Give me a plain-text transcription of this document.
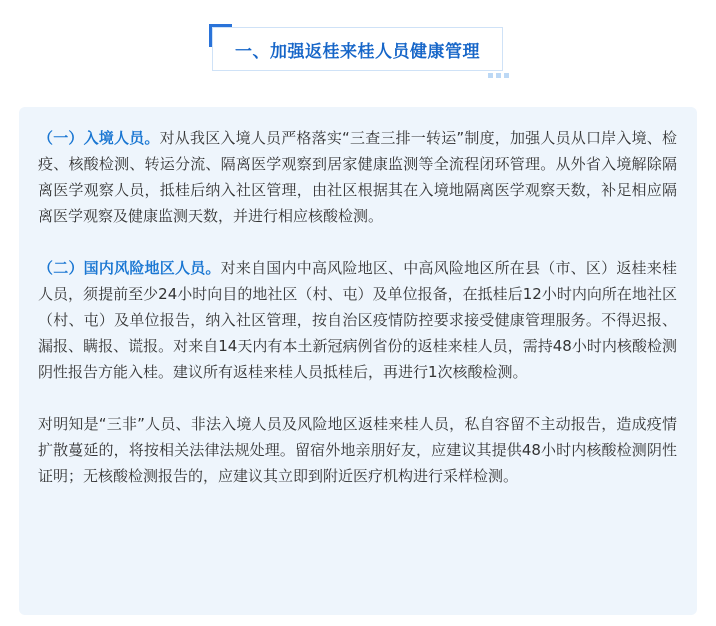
一、加强返桂来桂人员健康管理

（一）入境人员。对从我区入境人员严格落实“三查三排一转运”制度，加强人员从口岸入境、检疫、核酸检测、转运分流、隔离医学观察到居家健康监测等全流程闭环管理。从外省入境解除隔离医学观察人员，抵桂后纳入社区管理，由社区根据其在入境地隔离医学观察天数，补足相应隔离医学观察及健康监测天数，并进行相应核酸检测。

（二）国内风险地区人员。对来自国内中高风险地区、中高风险地区所在县（市、区）返桂来桂人员，须提前至少24小时向目的地社区（村、屯）及单位报备，在抵桂后12小时内向所在地社区（村、屯）及单位报告，纳入社区管理，按自治区疫情防控要求接受健康管理服务。不得迟报、漏报、瞒报、谎报。对来自14天内有本土新冠病例省份的返桂来桂人员，需持48小时内核酸检测阴性报告方能入桂。建议所有返桂来桂人员抵桂后，再进行1次核酸检测。

对明知是“三非”人员、非法入境人员及风险地区返桂来桂人员，私自容留不主动报告，造成疫情扩散蔓延的，将按相关法律法规处理。留宿外地亲朋好友，应建议其提供48小时内核酸检测阴性证明；无核酸检测报告的，应建议其立即到附近医疗机构进行采样检测。
